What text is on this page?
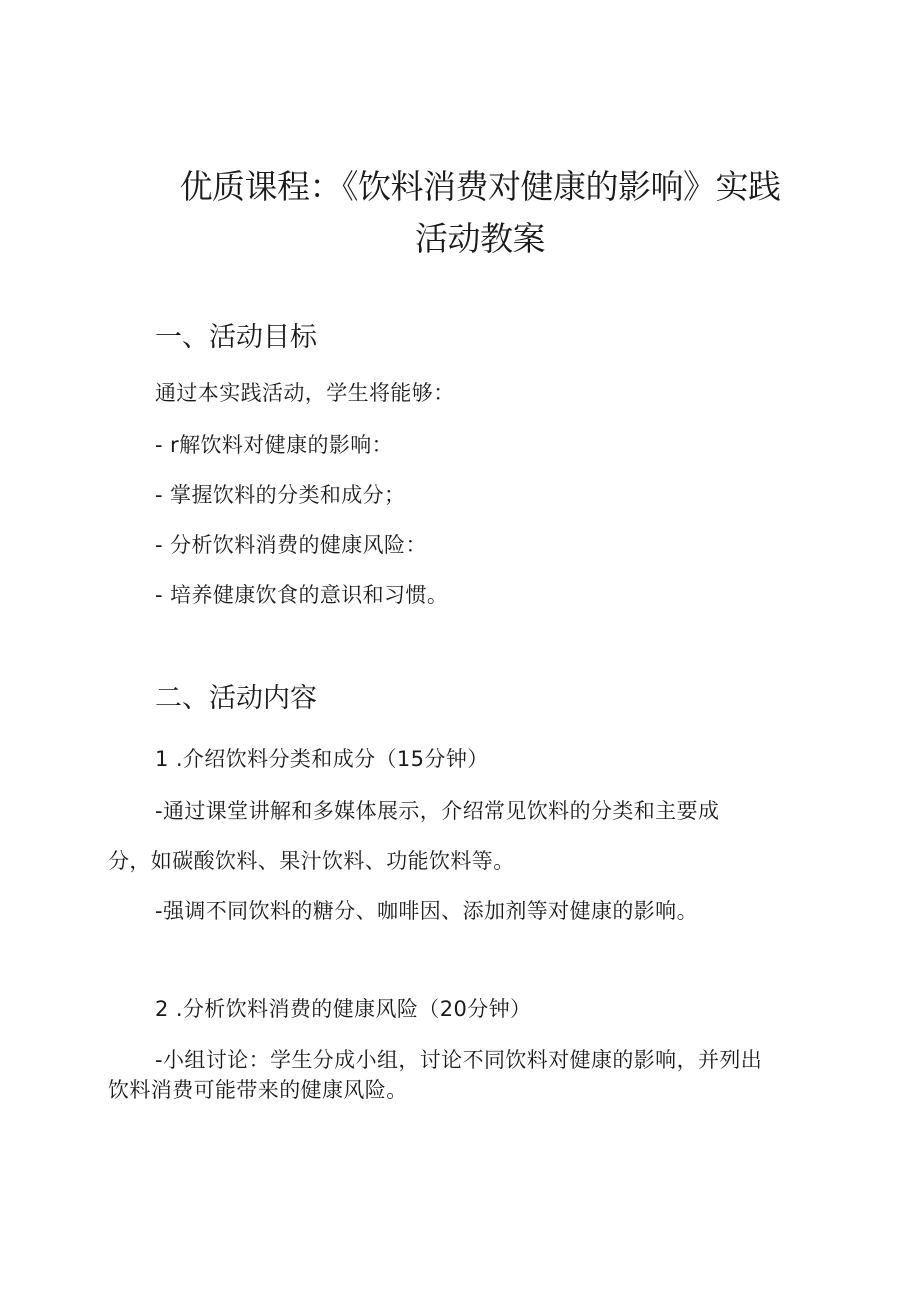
优质课程：《饮料消费对健康的影响》实践
活动教案
一、活动目标
通过本实践活动，学生将能够：
- r解饮料对健康的影响：
- 掌握饮料的分类和成分；
- 分析饮料消费的健康风险：
- 培养健康饮食的意识和习惯。
二、活动内容
1 .介绍饮料分类和成分（15分钟）
-通过课堂讲解和多媒体展示，介绍常见饮料的分类和主要成
分，如碳酸饮料、果汁饮料、功能饮料等。
-强调不同饮料的糖分、咖啡因、添加剂等对健康的影响。
2 .分析饮料消费的健康风险（20分钟）
-小组讨论：学生分成小组，讨论不同饮料对健康的影响，并列出
饮料消费可能带来的健康风险。
